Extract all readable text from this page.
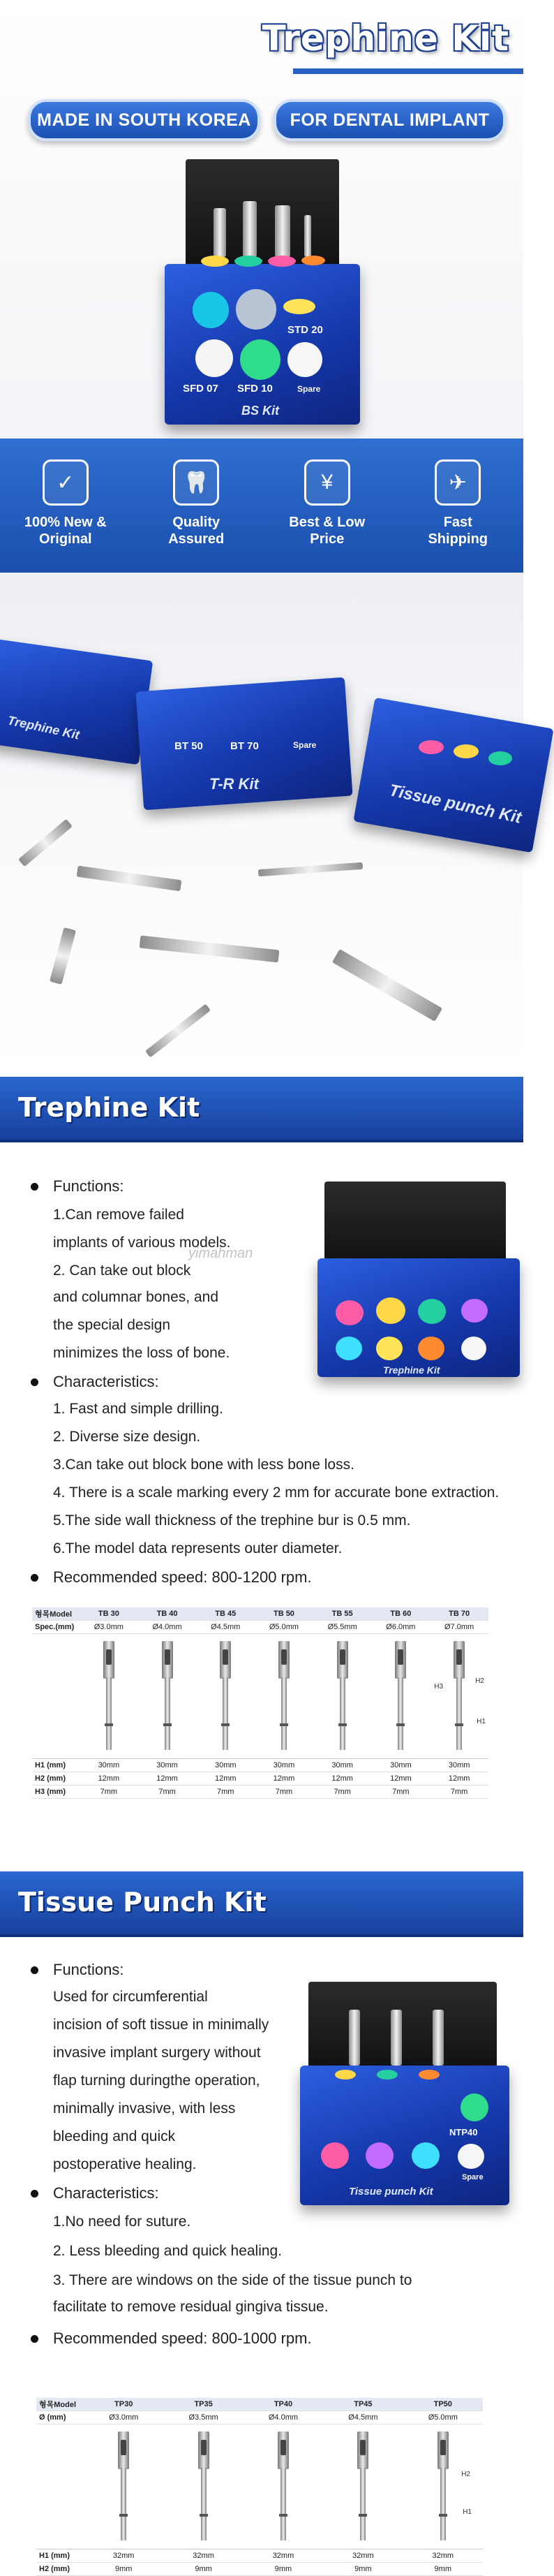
Trephine Kit
MADE IN SOUTH KOREA	FOR DENTAL IMPLANT
STD 20
SFD 07 SFD 10	Spare
BS Kit
✓
100% New & Original
🦷
Quality Assured
¥
Best & Low Price
✈
Fast Shipping
Trephine Kit
T-R Kit
BT 50	BT 70	Spare
Tissue punch Kit
Trephine Kit
Functions:
1.Can remove failed
implants of various models.
2. Can take out block
and columnar bones, and
the special design
minimizes the loss of bone.
yimahman
Trephine Kit
Characteristics:
1. Fast and simple drilling.
2. Diverse size design.
3.Can take out block bone with less bone loss.
4. There is a scale marking every 2 mm for accurate bone extraction.
5.The side wall thickness of the trephine bur is 0.5 mm.
6.The model data represents outer diameter.
Recommended speed: 800-1200 rpm.
형목Model	TB 30	TB 40	TB 45	TB 50	TB 55	TB 60	TB 70
Spec.(mm)	Ø3.0mm	Ø4.0mm	Ø4.5mm	Ø5.0mm	Ø5.5mm	Ø6.0mm	Ø7.0mm

							H3
H2
H1

H1 (mm)	30mm	30mm	30mm	30mm	30mm	30mm	30mm
H2 (mm)	12mm	12mm	12mm	12mm	12mm	12mm	12mm
H3 (mm)	7mm	7mm	7mm	7mm	7mm	7mm	7mm
Tissue Punch Kit
Functions:
Used for circumferential
incision of soft tissue in minimally
invasive implant surgery without
flap turning duringthe operation,
minimally invasive, with less
bleeding and quick
postoperative healing.
NTP40
Spare
Tissue punch Kit
Characteristics:
1.No need for suture.
2. Less bleeding and quick healing.
3. There are windows on the side of the tissue punch to
facilitate to remove residual gingiva tissue.
Recommended speed: 800-1000 rpm.
형목Model	TP30	TP35	TP40	TP45	TP50
Ø (mm)	Ø3.0mm	Ø3.5mm	Ø4.0mm	Ø4.5mm	Ø5.0mm

					H2
H1

H1 (mm)	32mm	32mm	32mm	32mm	32mm
H2 (mm)	9mm	9mm	9mm	9mm	9mm
